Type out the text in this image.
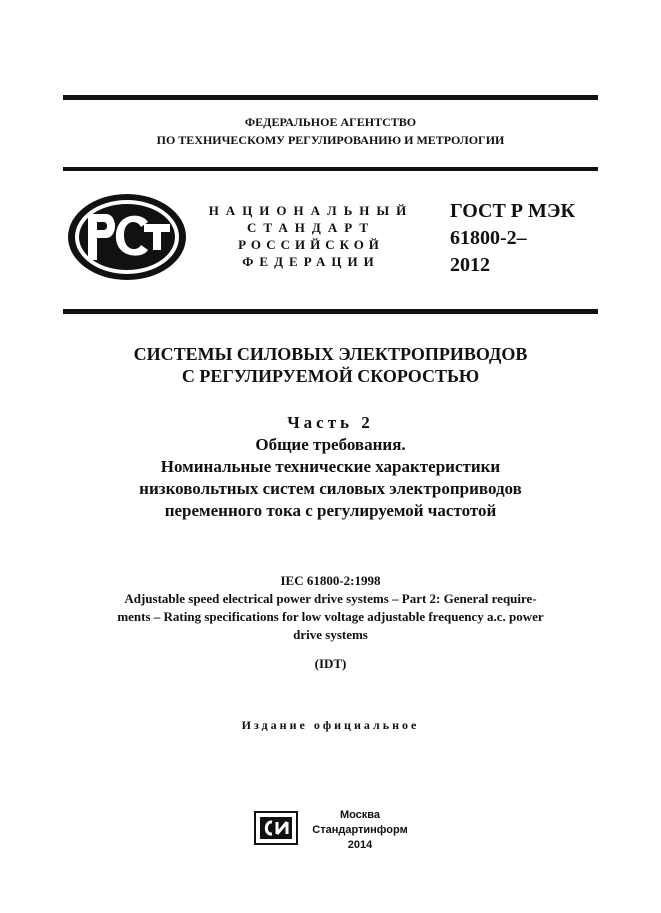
ФЕДЕРАЛЬНОЕ АГЕНТСТВО
ПО ТЕХНИЧЕСКОМУ РЕГУЛИРОВАНИЮ И МЕТРОЛОГИИ
НАЦИОНАЛЬНЫЙ
СТАНДАРТ
РОССИЙСКОЙ
ФЕДЕРАЦИИ
ГОСТ Р МЭК
61800-2–
2012
СИСТЕМЫ СИЛОВЫХ ЭЛЕКТРОПРИВОДОВ
С РЕГУЛИРУЕМОЙ СКОРОСТЬЮ
Часть 2
Общие требования.
Номинальные технические характеристики
низковольтных систем силовых электроприводов
переменного тока с регулируемой частотой
IEC 61800-2:1998
Adjustable speed electrical power drive systems – Part 2: General require-
ments – Rating specifications for low voltage adjustable frequency a.c. power
drive systems
(IDT)
Издание официальное
Москва
Стандартинформ
2014
